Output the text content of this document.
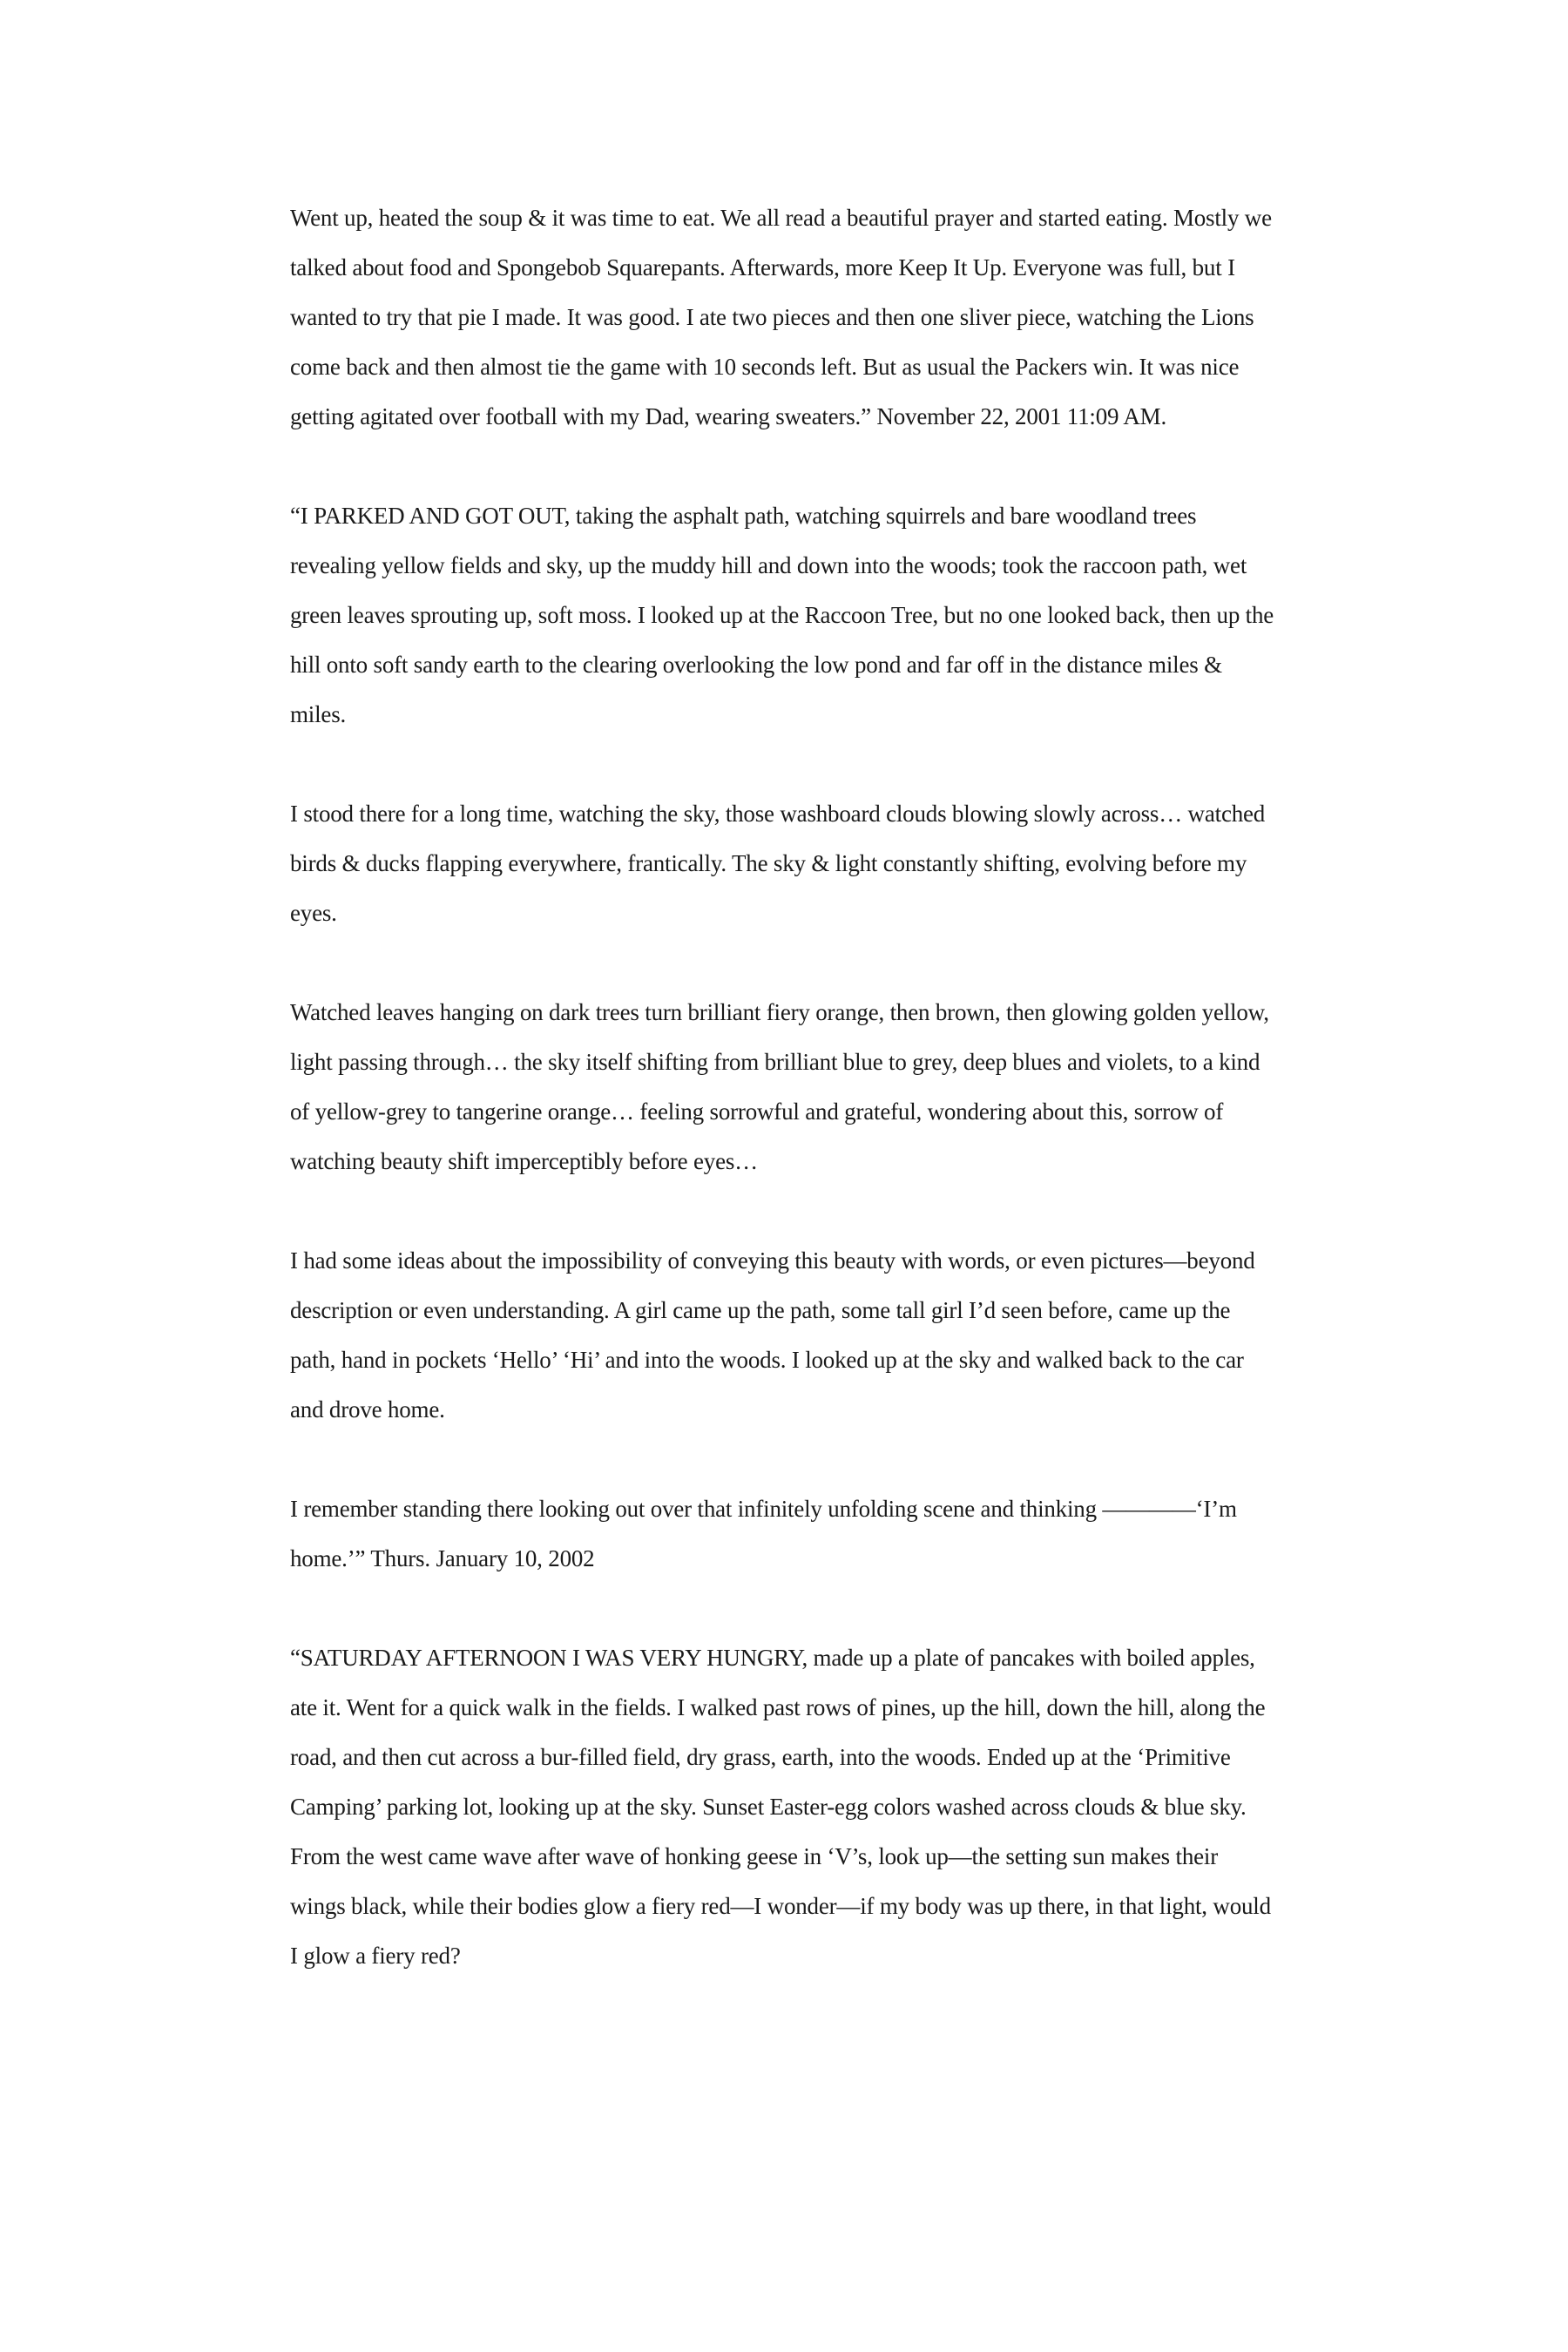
Went up, heated the soup & it was time to eat. We all read a beautiful prayer and started eating. Mostly we talked about food and Spongebob Squarepants. Afterwards, more Keep It Up. Everyone was full, but I wanted to try that pie I made. It was good. I ate two pieces and then one sliver piece, watching the Lions come back and then almost tie the game with 10 seconds left. But as usual the Packers win. It was nice getting agitated over football with my Dad, wearing sweaters.” November 22, 2001 11:09 AM.

“I PARKED AND GOT OUT, taking the asphalt path, watching squirrels and bare woodland trees revealing yellow fields and sky, up the muddy hill and down into the woods; took the raccoon path, wet green leaves sprouting up, soft moss. I looked up at the Raccoon Tree, but no one looked back, then up the hill onto soft sandy earth to the clearing overlooking the low pond and far off in the distance miles & miles.

I stood there for a long time, watching the sky, those washboard clouds blowing slowly across… watched birds & ducks flapping everywhere, frantically. The sky & light constantly shifting, evolving before my eyes.

Watched leaves hanging on dark trees turn brilliant fiery orange, then brown, then glowing golden yellow, light passing through… the sky itself shifting from brilliant blue to grey, deep blues and violets, to a kind of yellow-grey to tangerine orange… feeling sorrowful and grateful, wondering about this, sorrow of watching beauty shift imperceptibly before eyes…

I had some ideas about the impossibility of conveying this beauty with words, or even pictures—beyond description or even understanding. A girl came up the path, some tall girl I’d seen before, came up the path, hand in pockets ‘Hello’ ‘Hi’ and into the woods. I looked up at the sky and walked back to the car and drove home.

I remember standing there looking out over that infinitely unfolding scene and thinking ————‘I’m home.’” Thurs. January 10, 2002

“SATURDAY AFTERNOON I WAS VERY HUNGRY, made up a plate of pancakes with boiled apples, ate it. Went for a quick walk in the fields. I walked past rows of pines, up the hill, down the hill, along the road, and then cut across a bur-filled field, dry grass, earth, into the woods. Ended up at the ‘Primitive Camping’ parking lot, looking up at the sky. Sunset Easter-egg colors washed across clouds & blue sky. From the west came wave after wave of honking geese in ‘V’s, look up—the setting sun makes their wings black, while their bodies glow a fiery red—I wonder—if my body was up there, in that light, would I glow a fiery red?
